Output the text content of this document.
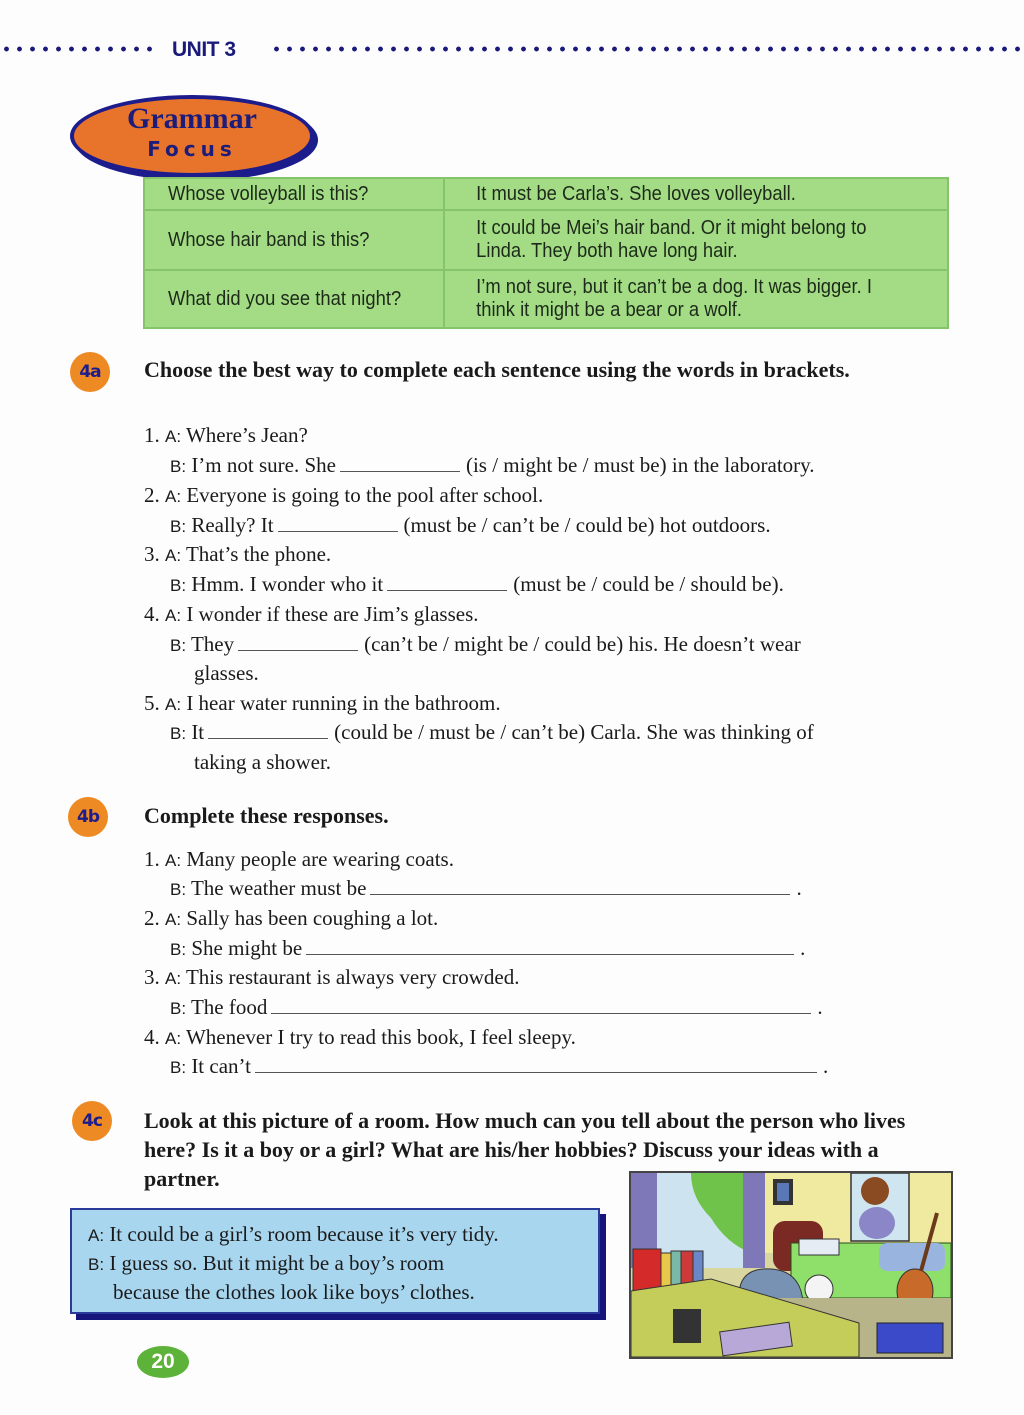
UNIT 3
Grammar
Focus
Whose volleyball is this?	It must be Carla’s. She loves volleyball.
Whose hair band is this?	It could be Mei’s hair band. Or it might belong to Linda. They both have long hair.
What did you see that night?	I’m not sure, but it can’t be a dog. It was bigger. I think it might be a bear or a wolf.
4a	Choose the best way to complete each sentence using the words in brackets.
1. A: Where’s Jean?
B: I’m not sure. She	(is / might be / must be) in the laboratory.
2. A: Everyone is going to the pool after school.
B: Really? It	(must be / can’t be / could be) hot outdoors.
3. A: That’s the phone.
B: Hmm. I wonder who it	(must be / could be / should be).
4. A: I wonder if these are Jim’s glasses.
B: They	(can’t be / might be / could be) his. He doesn’t wear
glasses.
5. A: I hear water running in the bathroom.
B: It	(could be / must be / can’t be) Carla. She was thinking of
taking a shower.
4b	Complete these responses.
1. A: Many people are wearing coats.
B: The weather must be	.
2. A: Sally has been coughing a lot.
B: She might be	.
3. A: This restaurant is always very crowded.
B: The food	.
4. A: Whenever I try to read this book, I feel sleepy.
B: It can’t	.
4c	Look at this picture of a room. How much can you tell about the person who lives here? Is it a boy or a girl? What are his/her hobbies? Discuss your ideas with a partner.
A: It could be a girl’s room because it’s very tidy.
B: I guess so. But it might be a boy’s room
because the clothes look like boys’ clothes.
20
